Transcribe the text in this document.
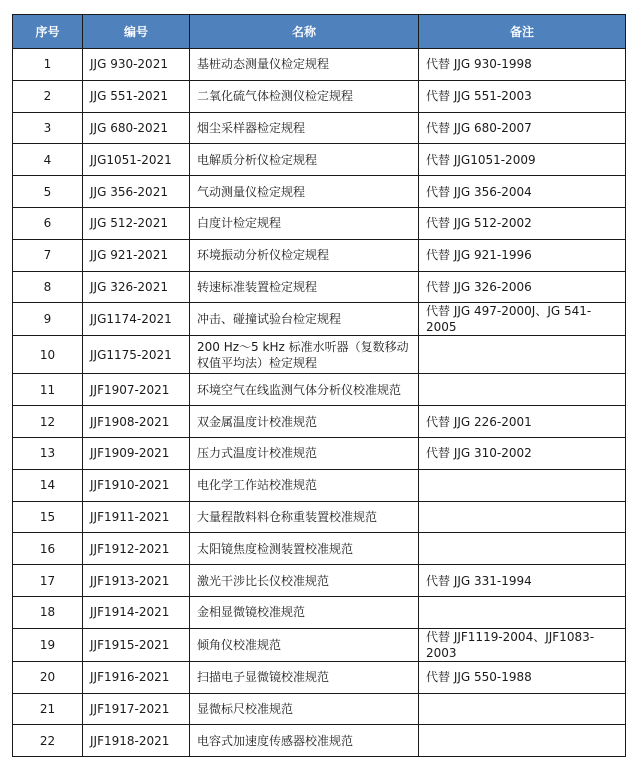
序号	编号	名称	备注
1	JJG 930-2021	基桩动态测量仪检定规程	代替 JJG 930-1998
2	JJG 551-2021	二氧化硫气体检测仪检定规程	代替 JJG 551-2003
3	JJG 680-2021	烟尘采样器检定规程	代替 JJG 680-2007
4	JJG1051-2021	电解质分析仪检定规程	代替 JJG1051-2009
5	JJG 356-2021	气动测量仪检定规程	代替 JJG 356-2004
6	JJG 512-2021	白度计检定规程	代替 JJG 512-2002
7	JJG 921-2021	环境振动分析仪检定规程	代替 JJG 921-1996
8	JJG 326-2021	转速标准装置检定规程	代替 JJG 326-2006
9	JJG1174-2021	冲击、碰撞试验台检定规程	代替 JJG 497-2000J、JG 541-2005
10	JJG1175-2021	200 Hz～5 kHz 标准水听器（复数移动权值平均法）检定规程	
11	JJF1907-2021	环境空气在线监测气体分析仪校准规范	
12	JJF1908-2021	双金属温度计校准规范	代替 JJG 226-2001
13	JJF1909-2021	压力式温度计校准规范	代替 JJG 310-2002
14	JJF1910-2021	电化学工作站校准规范	
15	JJF1911-2021	大量程散料料仓称重装置校准规范	
16	JJF1912-2021	太阳镜焦度检测装置校准规范	
17	JJF1913-2021	激光干涉比长仪校准规范	代替 JJG 331-1994
18	JJF1914-2021	金相显微镜校准规范	
19	JJF1915-2021	倾角仪校准规范	代替 JJF1119-2004、JJF1083-2003
20	JJF1916-2021	扫描电子显微镜校准规范	代替 JJG 550-1988
21	JJF1917-2021	显微标尺校准规范	
22	JJF1918-2021	电容式加速度传感器校准规范	
